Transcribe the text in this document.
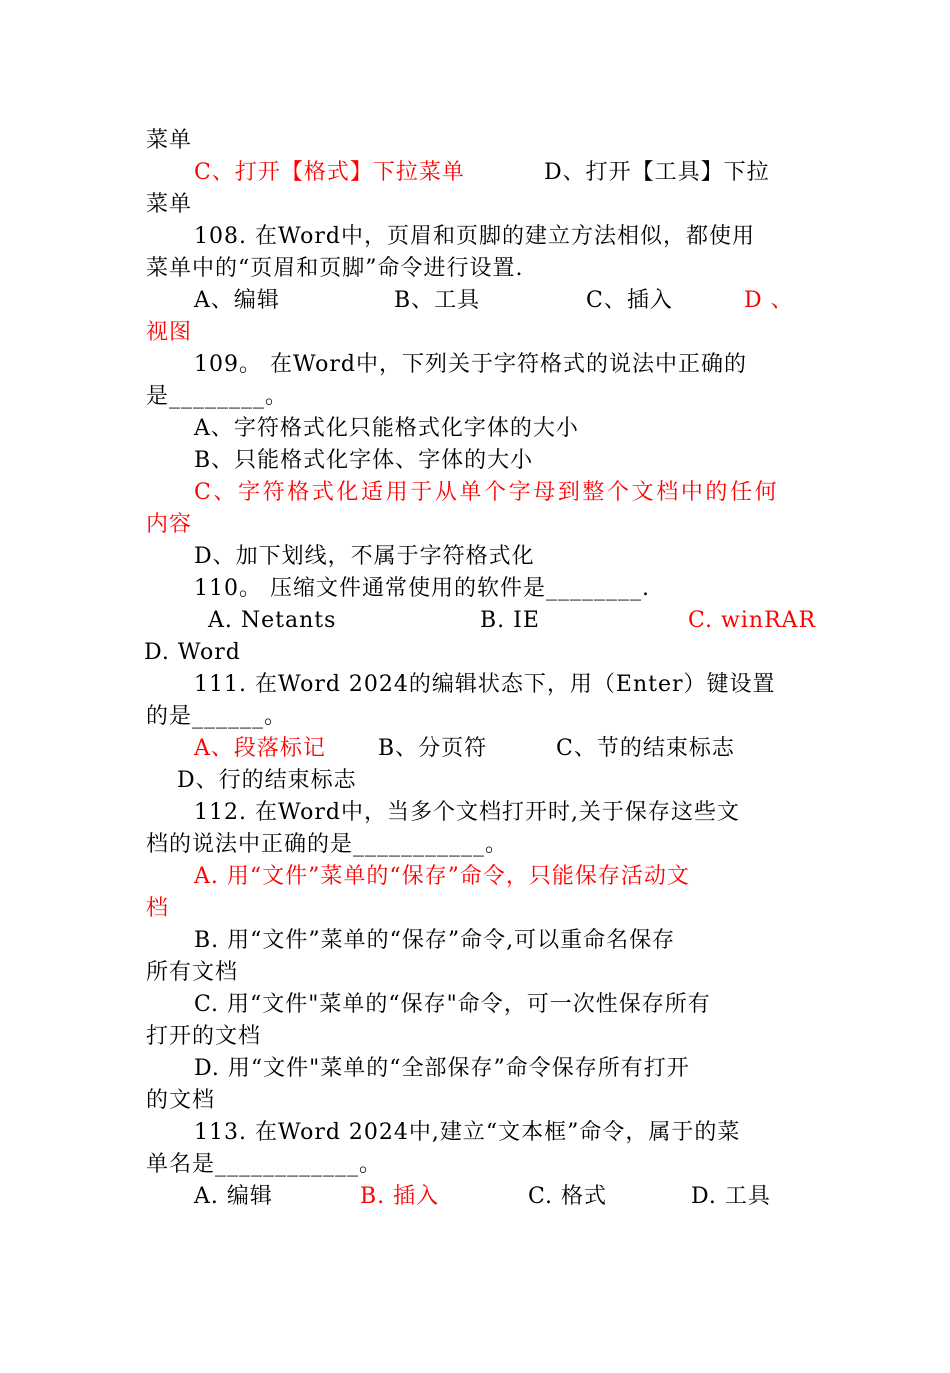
菜单

C、打开【格式】下拉菜单

	D、打开【工具】下拉

菜单
108. 在Word中，页眉和页脚的建立方法相似，都使用
菜单中的“页眉和页脚”命令进行设置.

A、编辑

	B、工具

	C、插入

	D 、

视图
109。 在Word中，下列关于字符格式的说法中正确的
是________。
A、字符格式化只能格式化字体的大小
B、只能格式化字体、字体的大小
C、字符格式化适用于从单个字母到整个文档中的任何
内容
D、加下划线，不属于字符格式化
110。 压缩文件通常使用的软件是________.

A. Netants

	B. IE

	C. winRAR

D. Word
111. 在Word 2024的编辑状态下，用（Enter）键设置
的是______。

A、段落标记

B、分页符

	C、节的结束标志

D、行的结束标志
112. 在Word中，当多个文档打开时,关于保存这些文
档的说法中正确的是___________。
A. 用“文件”菜单的“保存”命令，只能保存活动文
档
B. 用“文件”菜单的“保存”命令,可以重命名保存
所有文档
C. 用“文件"菜单的“保存"命令，可一次性保存所有
打开的文档
D. 用“文件"菜单的“全部保存”命令保存所有打开
的文档
113. 在Word 2024中,建立“文本框”命令，属于的菜
单名是____________。

A. 编辑

	B. 插入

	C. 格式

	D. 工具
